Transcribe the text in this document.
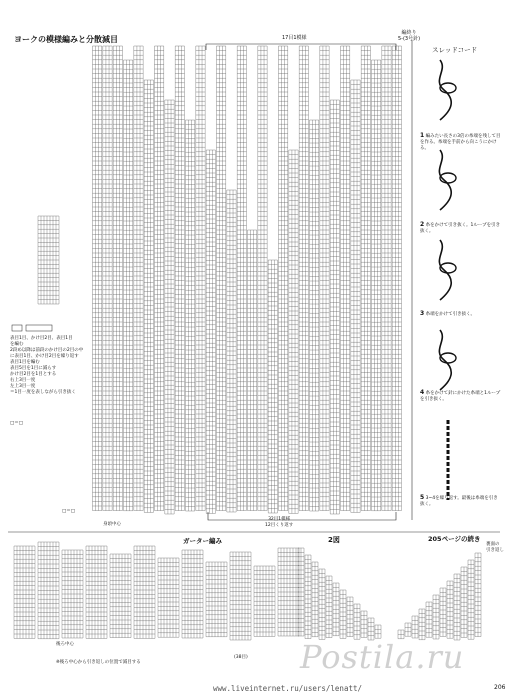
ヨークの模様編みと分散減目	17目1模様
編終り
5-(3号針)
表目1目、かけ目2目、表目1目
を編む
2段め以降は前段のかけ目の2目の中
に表目1目、かけ目2目を繰り返す
表目1目を編む
表目5目を1目に減らす
かけ目2目を1目とする
右上3目一度
左上3目一度
＝1目一度を表しながら引き抜く
□＝□
□＝□
身頃中心
32目1模様
12目くり返す
ガーター編み	2図	205ページの続き
後ろ中心
※後ろ中心から引き返しの位置で減目する
(38目)
裏面の
引き返し
スレッドコード
1 編みたい長さの3倍の糸端を残して目を作る。糸端を手前から向こうにかける。
2 糸をかけて引き抜く。1ループを引き抜く。
3 糸端をかけて引き抜く。
4 糸をかけて針にかけた糸端と1ループを引き抜く。
5 3~4を繰り返す。最後は糸端を引き抜く。
Postila.ru
www.liveinternet.ru/users/lenatt/	206
